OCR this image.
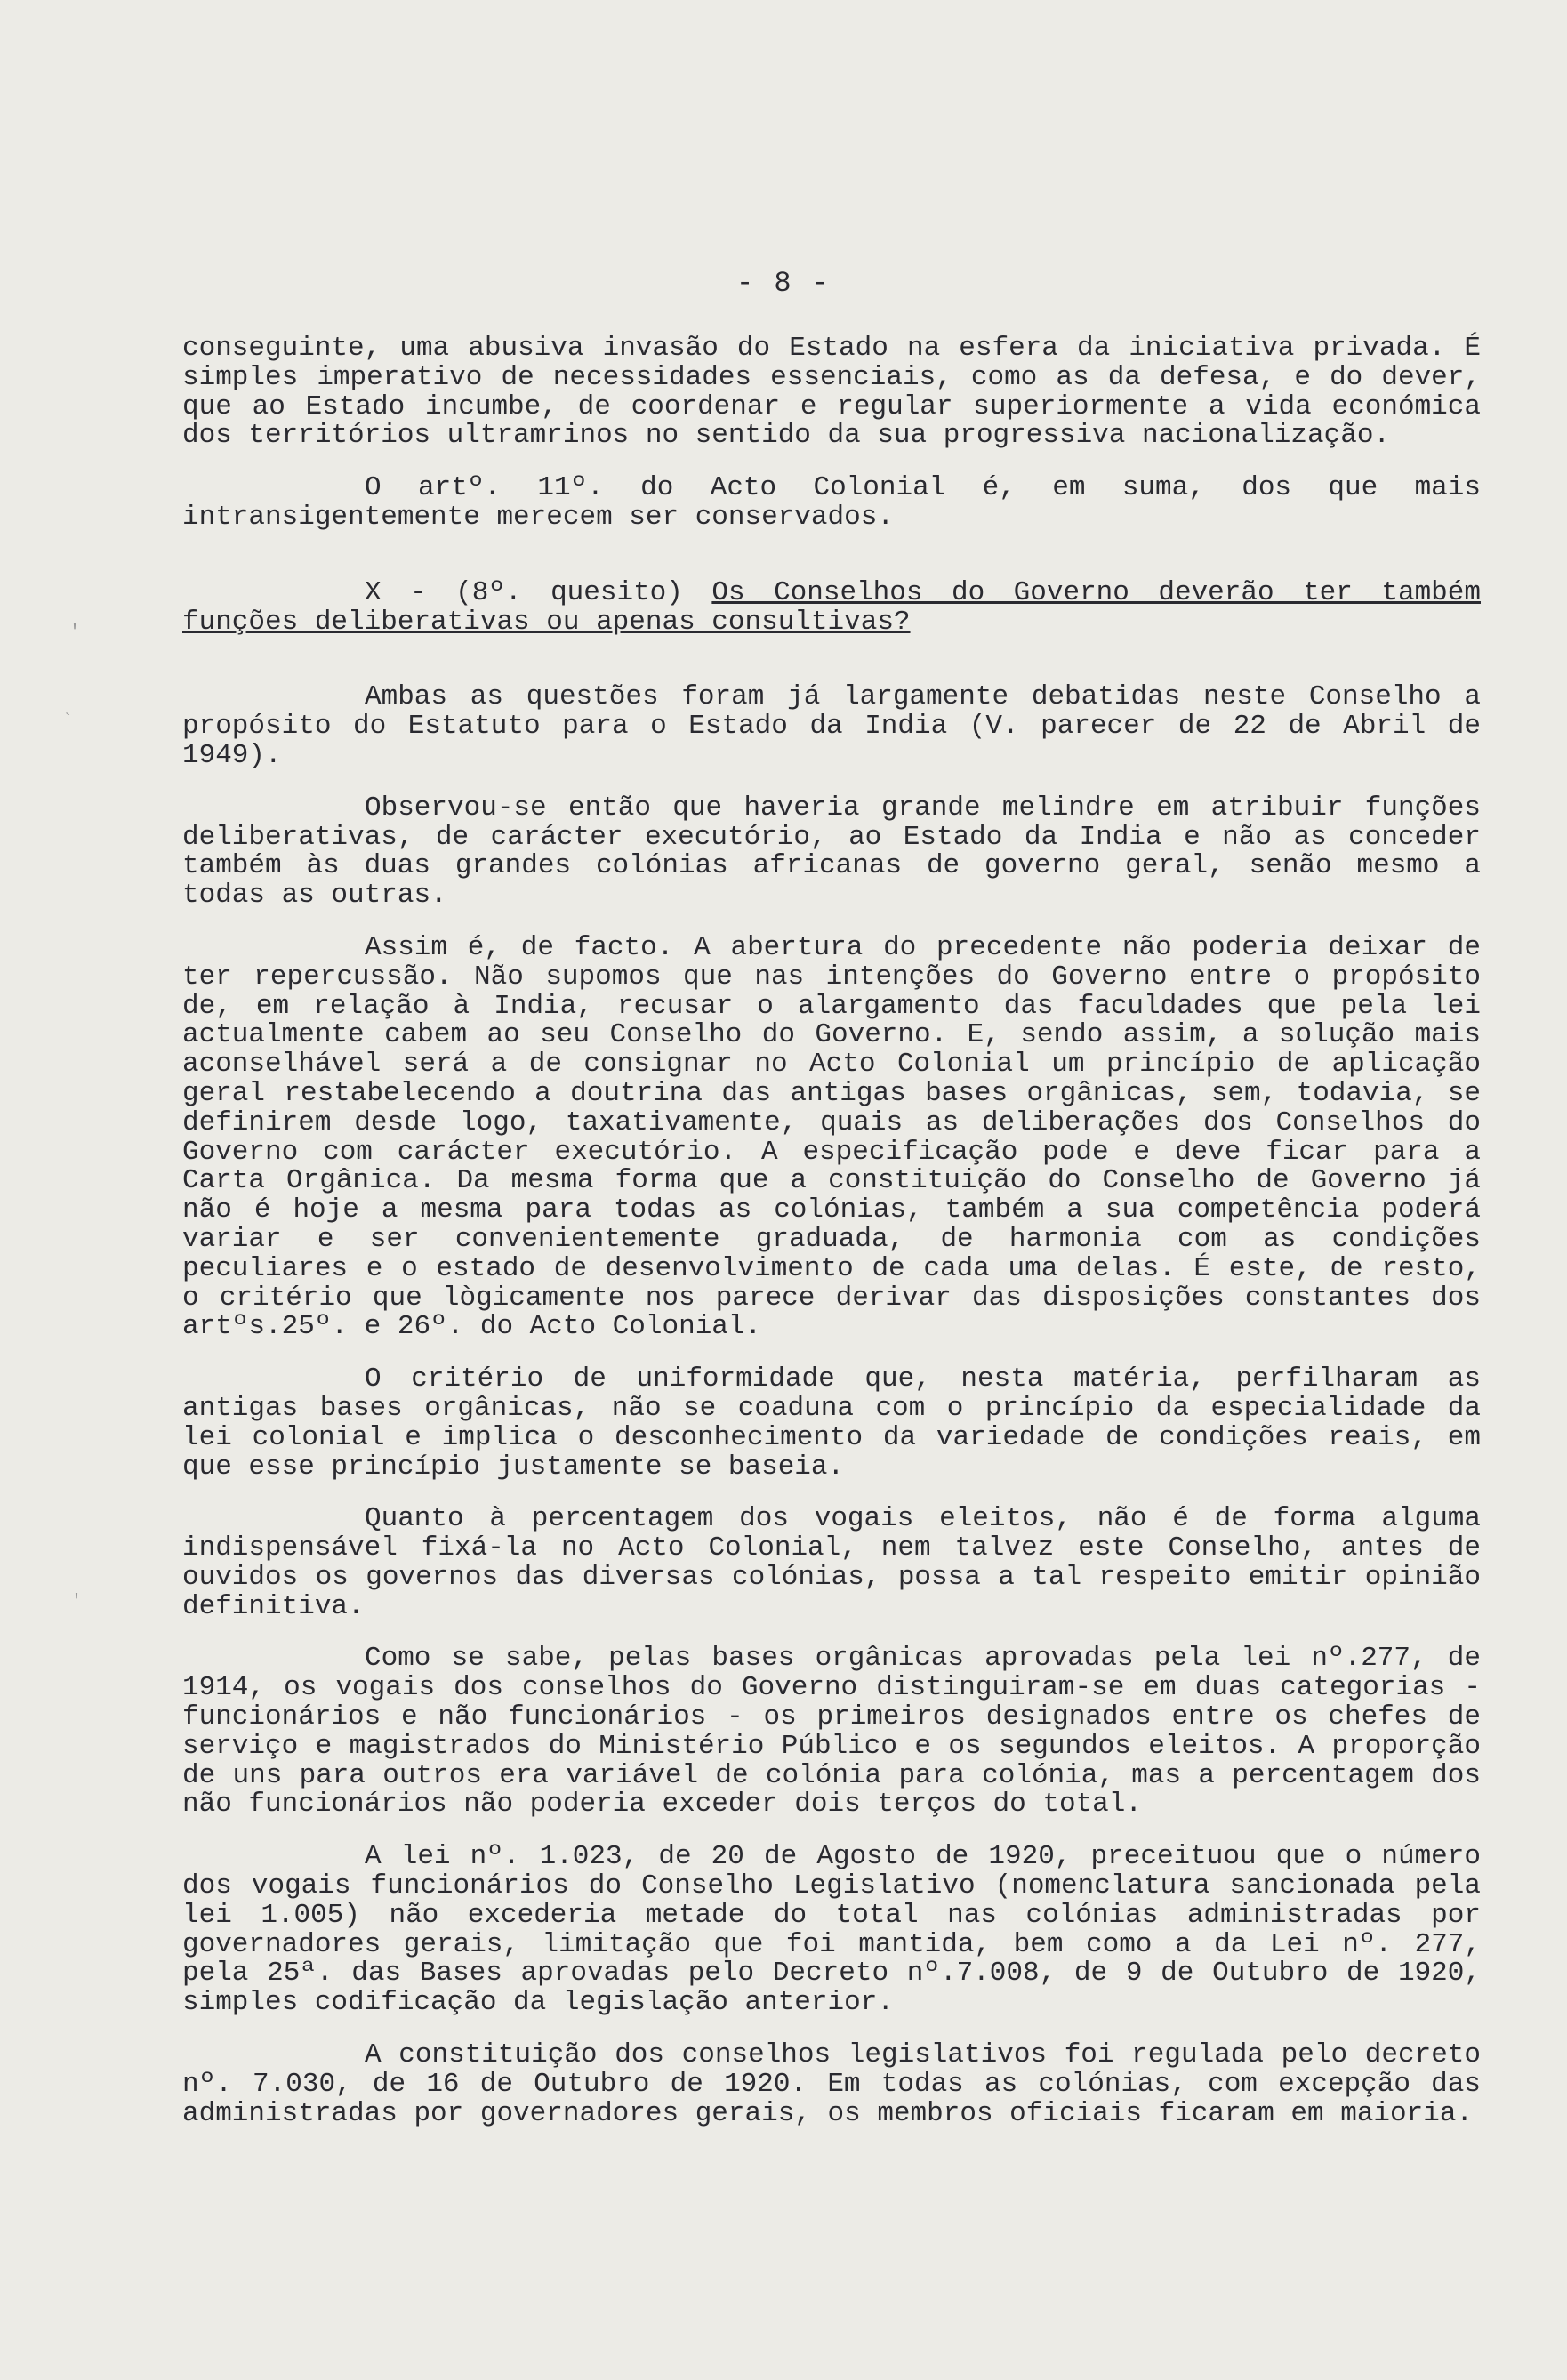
'
`
'
- 8 -

conseguinte, uma abusiva invasão do Estado na esfera da iniciativa privada. É simples imperativo de necessidades essenciais, como as da defesa, e do dever, que ao Estado incumbe, de coordenar e regular superiormente a vida económica dos territórios ultramrinos no sentido da sua progressiva nacionalização.

O artº. 11º. do Acto Colonial é, em suma, dos que mais intransigentemente merecem ser conservados.

X - (8º. quesito) Os Conselhos do Governo deverão ter também funções deliberativas ou apenas consultivas?

Ambas as questões foram já largamente debatidas neste Conselho a propósito do Estatuto para o Estado da India (V. parecer de 22 de Abril de 1949).

Observou-se então que haveria grande melindre em atribuir funções deliberativas, de carácter executório, ao Estado da India e não as conceder também às duas grandes colónias africanas de governo geral, senão mesmo a todas as outras.

Assim é, de facto. A abertura do precedente não poderia deixar de ter repercussão. Não supomos que nas intenções do Governo entre o propósito de, em relação à India, recusar o alargamento das faculdades que pela lei actualmente cabem ao seu Conselho do Governo. E, sendo assim, a solução mais aconselhável será a de consignar no Acto Colonial um princípio de aplicação geral restabelecendo a doutrina das antigas bases orgânicas, sem, todavia, se definirem desde logo, taxativamente, quais as deliberações dos Conselhos do Governo com carácter executório. A especificação pode e deve ficar para a Carta Orgânica. Da mesma forma que a constituição do Conselho de Governo já não é hoje a mesma para todas as colónias, também a sua competência poderá variar e ser convenientemente graduada, de harmonia com as condições peculiares e o estado de desenvolvimento de cada uma delas. É este, de resto, o critério que lògicamente nos parece derivar das disposições constantes dos artºs.25º. e 26º. do Acto Colonial.

O critério de uniformidade que, nesta matéria, perfilharam as antigas bases orgânicas, não se coaduna com o princípio da especialidade da lei colonial e implica o desconhecimento da variedade de condições reais, em que esse princípio justamente se baseia.

Quanto à percentagem dos vogais eleitos, não é de forma alguma indispensável fixá-la no Acto Colonial, nem talvez este Conselho, antes de ouvidos os governos das diversas colónias, possa a tal respeito emitir opinião definitiva.

Como se sabe, pelas bases orgânicas aprovadas pela lei nº.277, de 1914, os vogais dos conselhos do Governo distinguiram-se em duas categorias - funcionários e não funcionários - os primeiros designados entre os chefes de serviço e magistrados do Ministério Público e os segundos eleitos. A proporção de uns para outros era variável de colónia para colónia, mas a percentagem dos não funcionários não poderia exceder dois terços do total.

A lei nº. 1.023, de 20 de Agosto de 1920, preceituou que o número dos vogais funcionários do Conselho Legislativo (nomenclatura sancionada pela lei 1.005) não excederia metade do total nas colónias administradas por governadores gerais, limitação que foi mantida, bem como a da Lei nº. 277, pela 25ª. das Bases aprovadas pelo Decreto nº.7.008, de 9 de Outubro de 1920, simples codificação da legislação anterior.

A constituição dos conselhos legislativos foi regulada pelo decreto nº. 7.030, de 16 de Outubro de 1920. Em todas as colónias, com excepção das administradas por governadores gerais, os membros oficiais ficaram em maioria.
